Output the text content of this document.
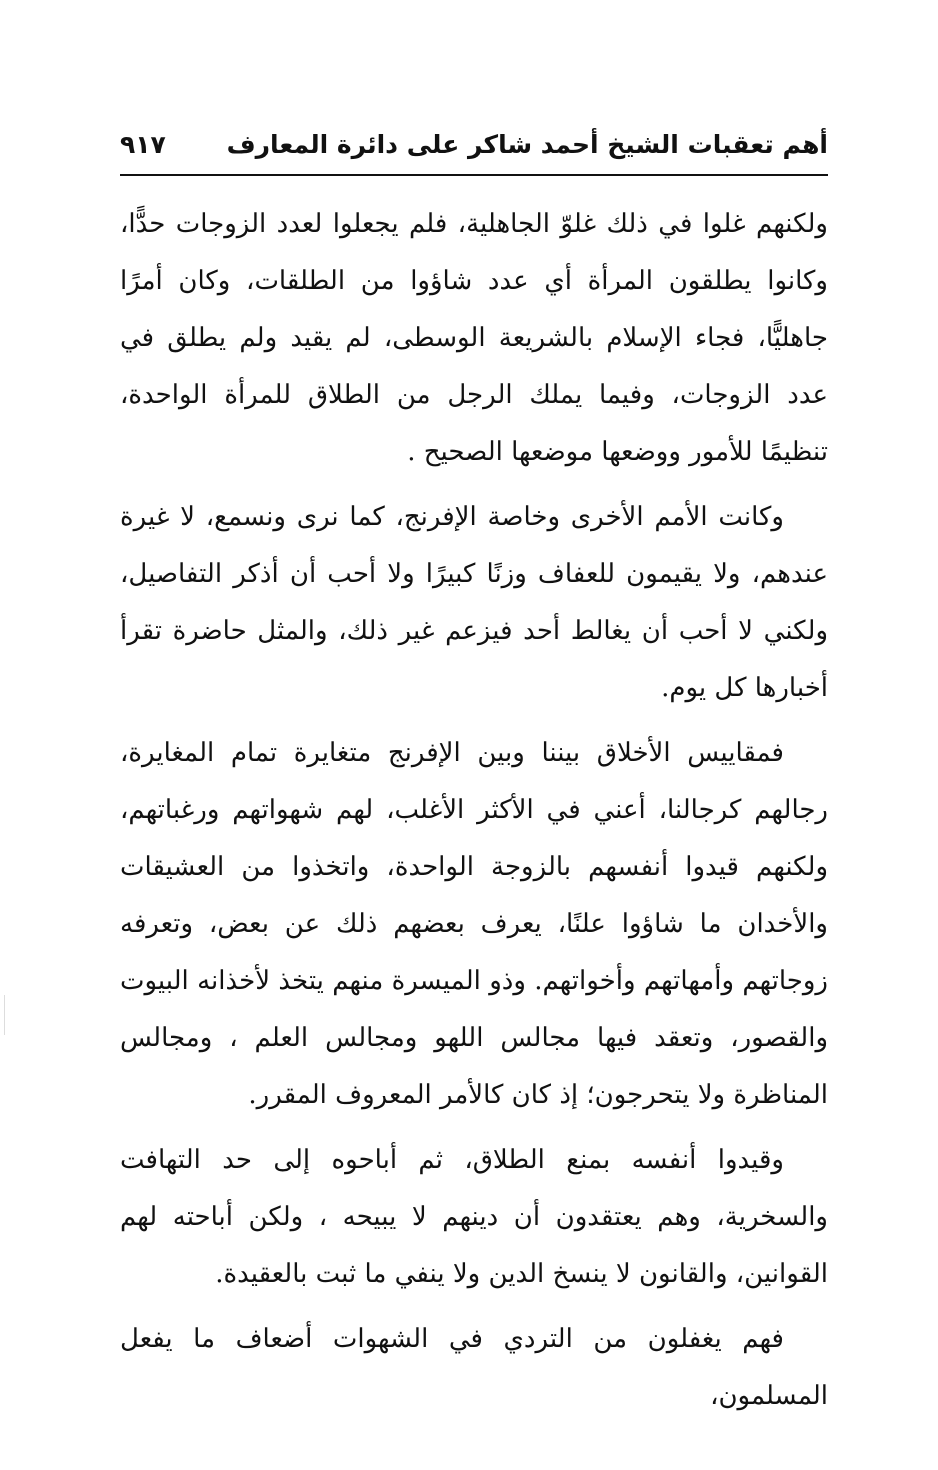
أهم تعقبات الشيخ أحمد شاكر على دائرة المعارف
٩١٧

ولكنهم غلوا في ذلك غلوّ الجاهلية، فلم يجعلوا لعدد الزوجات حدًّا، وكانوا يطلقون المرأة أي عدد شاؤوا من الطلقات، وكان أمرًا جاهليًّا، فجاء الإسلام بالشريعة الوسطى، لم يقيد ولم يطلق في عدد الزوجات، وفيما يملك الرجل من الطلاق للمرأة الواحدة، تنظيمًا للأمور ووضعها موضعها الصحيح .

وكانت الأمم الأخرى وخاصة الإفرنج، كما نرى ونسمع، لا غيرة عندهم، ولا يقيمون للعفاف وزنًا كبيرًا ولا أحب أن أذكر التفاصيل، ولكني لا أحب أن يغالط أحد فيزعم غير ذلك، والمثل حاضرة تقرأ أخبارها كل يوم.

فمقاييس الأخلاق بيننا وبين الإفرنج متغايرة تمام المغايرة، رجالهم كرجالنا، أعني في الأكثر الأغلب، لهم شهواتهم ورغباتهم، ولكنهم قيدوا أنفسهم بالزوجة الواحدة، واتخذوا من العشيقات والأخدان ما شاؤوا علنًا، يعرف بعضهم ذلك عن بعض، وتعرفه زوجاتهم وأمهاتهم وأخواتهم. وذو الميسرة منهم يتخذ لأخذانه البيوت والقصور، وتعقد فيها مجالس اللهو ومجالس العلم ، ومجالس المناظرة ولا يتحرجون؛ إذ كان كالأمر المعروف المقرر.

وقيدوا أنفسه بمنع الطلاق، ثم أباحوه إلى حد التهافت والسخرية، وهم يعتقدون أن دينهم لا يبيحه ، ولكن أباحته لهم القوانين، والقانون لا ينسخ الدين ولا ينفي ما ثبت بالعقيدة.

فهم يغفلون من التردي في الشهوات أضعاف ما يفعل المسلمون،
